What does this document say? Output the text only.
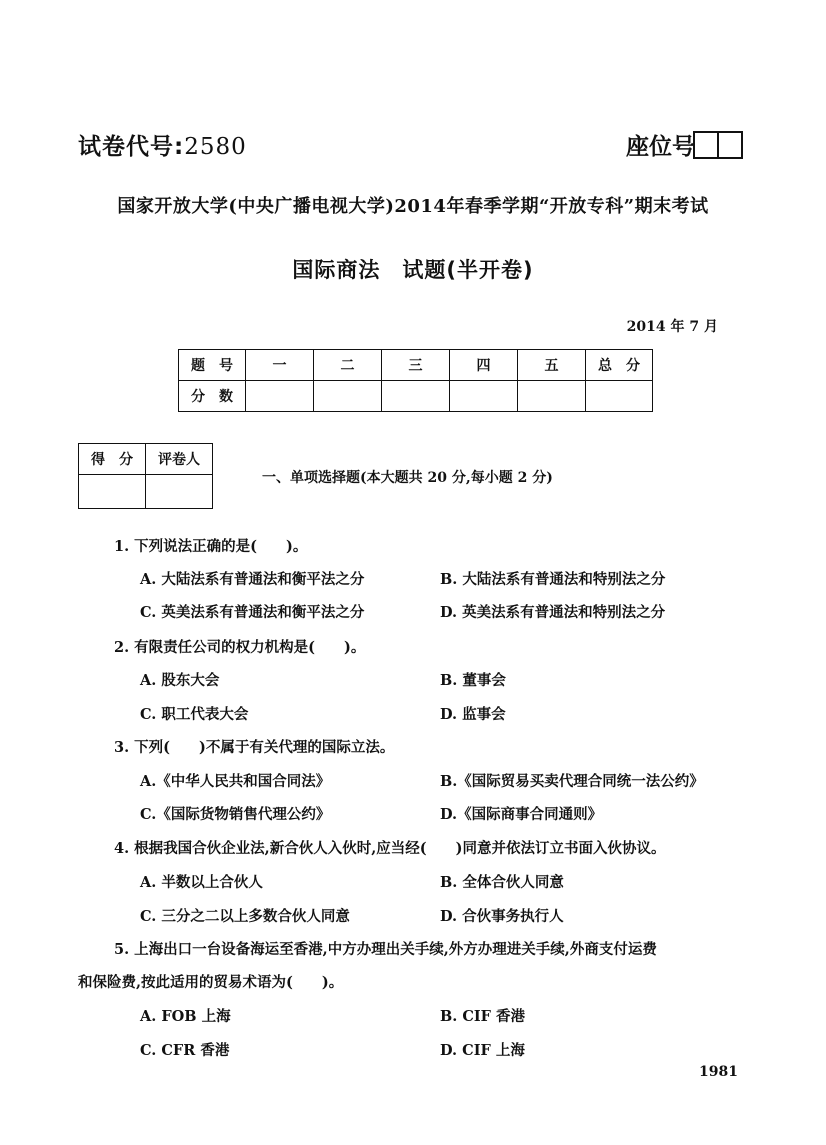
试卷代号:2580	座位号
国家开放大学(中央广播电视大学)2014年春季学期“开放专科”期末考试
国际商法　试题(半开卷)
2014 年 7 月
题　号	一	二	三	四	五	总　分
分　数						
得　分	评卷人

一、单项选择题(本大题共 20 分,每小题 2 分)
1. 下列说法正确的是(　　)。
A. 大陆法系有普通法和衡平法之分	B. 大陆法系有普通法和特别法之分
C. 英美法系有普通法和衡平法之分	D. 英美法系有普通法和特别法之分
2. 有限责任公司的权力机构是(　　)。
A. 股东大会	B. 董事会
C. 职工代表大会	D. 监事会
3. 下列(　　)不属于有关代理的国际立法。
A.《中华人民共和国合同法》	B.《国际贸易买卖代理合同统一法公约》
C.《国际货物销售代理公约》	D.《国际商事合同通则》
4. 根据我国合伙企业法,新合伙人入伙时,应当经(　　)同意并依法订立书面入伙协议。
A. 半数以上合伙人	B. 全体合伙人同意
C. 三分之二以上多数合伙人同意	D. 合伙事务执行人
5. 上海出口一台设备海运至香港,中方办理出关手续,外方办理进关手续,外商支付运费
和保险费,按此适用的贸易术语为(　　)。
A. FOB 上海	B. CIF 香港
C. CFR 香港	D. CIF 上海
1981
